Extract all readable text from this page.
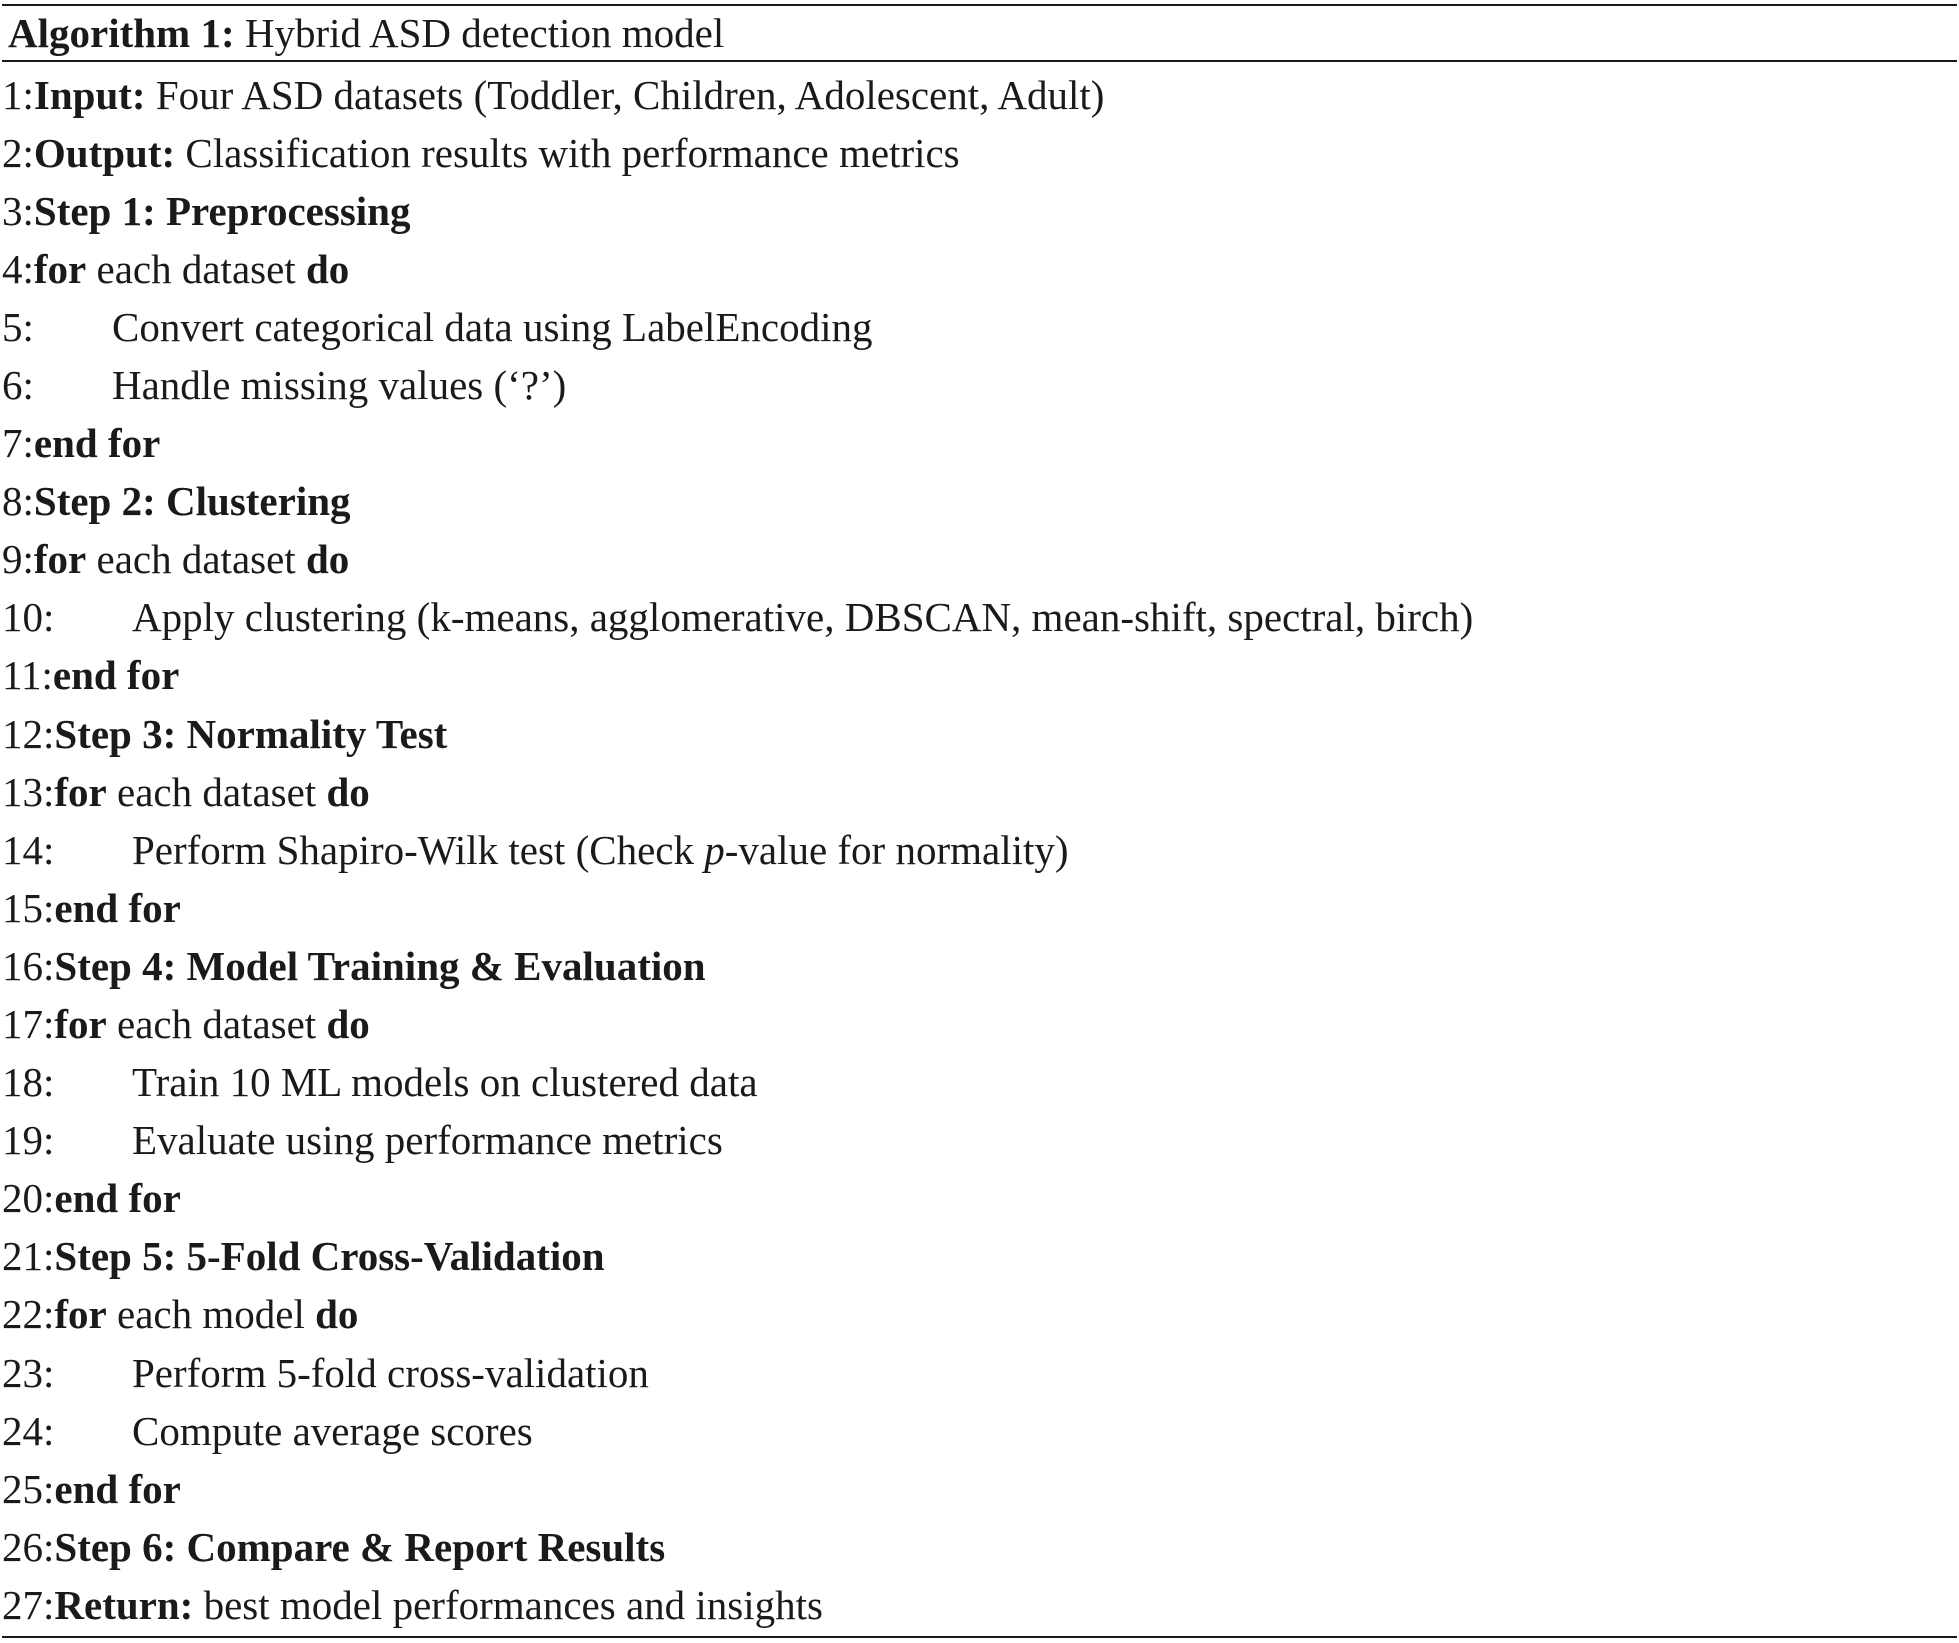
Algorithm 1: Hybrid ASD detection model
1:Input: Four ASD datasets (Toddler, Children, Adolescent, Adult)
2:Output: Classification results with performance metrics
3:Step 1: Preprocessing
4:for each dataset do
5: Convert categorical data using LabelEncoding
6: Handle missing values (‘?’)
7:end for
8:Step 2: Clustering
9:for each dataset do
10: Apply clustering (k-means, agglomerative, DBSCAN, mean-shift, spectral, birch)
11:end for
12:Step 3: Normality Test
13:for each dataset do
14: Perform Shapiro-Wilk test (Check p-value for normality)
15:end for
16:Step 4: Model Training & Evaluation
17:for each dataset do
18: Train 10 ML models on clustered data
19: Evaluate using performance metrics
20:end for
21:Step 5: 5-Fold Cross-Validation
22:for each model do
23: Perform 5-fold cross-validation
24: Compute average scores
25:end for
26:Step 6: Compare & Report Results
27:Return: best model performances and insights
